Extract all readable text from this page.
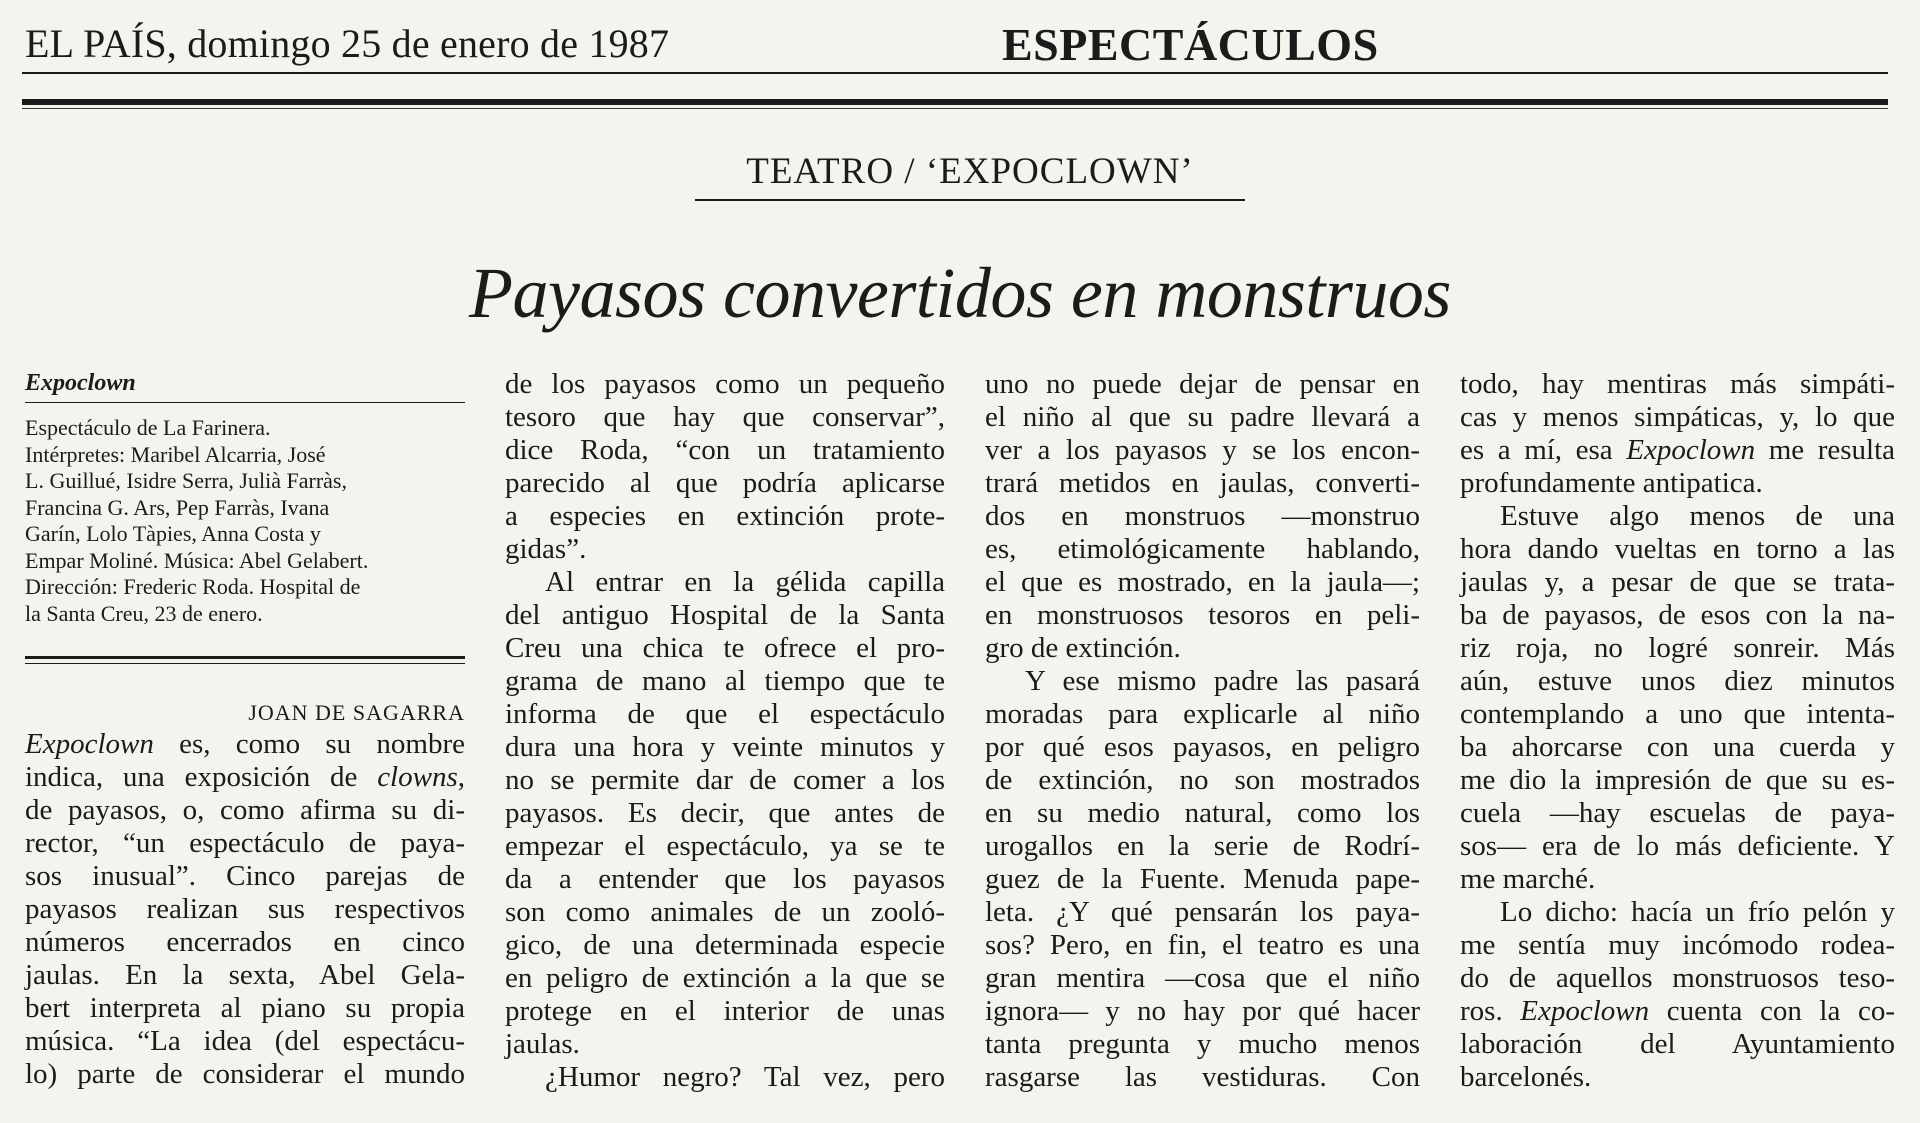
EL PAÍS, domingo 25 de enero de 1987	ESPECTÁCULOS
TEATRO / ‘EXPOCLOWN’
Payasos convertidos en monstruos
Expoclown
Espectáculo de La Farinera.
Intérpretes: Maribel Alcarria, José
L. Guillué, Isidre Serra, Julià Farràs,
Francina G. Ars, Pep Farràs, Ivana
Garín, Lolo Tàpies, Anna Costa y
Empar Moliné. Música: Abel Gelabert.
Dirección: Frederic Roda. Hospital de
la Santa Creu, 23 de enero.
JOAN DE SAGARRA
Expoclown es, como su nombre
indica, una exposición de clowns,
de payasos, o, como afirma su di-
rector, “un espectáculo de paya-
sos inusual”. Cinco parejas de
payasos realizan sus respectivos
números encerrados en cinco
jaulas. En la sexta, Abel Gela-
bert interpreta al piano su propia
música. “La idea (del espectácu-
lo) parte de considerar el mundo
de los payasos como un pequeño
tesoro que hay que conservar”,
dice Roda, “con un tratamiento
parecido al que podría aplicarse
a especies en extinción prote-
gidas”.
Al entrar en la gélida capilla
del antiguo Hospital de la Santa
Creu una chica te ofrece el pro-
grama de mano al tiempo que te
informa de que el espectáculo
dura una hora y veinte minutos y
no se permite dar de comer a los
payasos. Es decir, que antes de
empezar el espectáculo, ya se te
da a entender que los payasos
son como animales de un zooló-
gico, de una determinada especie
en peligro de extinción a la que se
protege en el interior de unas
jaulas.
¿Humor negro? Tal vez, pero
uno no puede dejar de pensar en
el niño al que su padre llevará a
ver a los payasos y se los encon-
trará metidos en jaulas, converti-
dos en monstruos —monstruo
es, etimológicamente hablando,
el que es mostrado, en la jaula—;
en monstruosos tesoros en peli-
gro de extinción.
Y ese mismo padre las pasará
moradas para explicarle al niño
por qué esos payasos, en peligro
de extinción, no son mostrados
en su medio natural, como los
urogallos en la serie de Rodrí-
guez de la Fuente. Menuda pape-
leta. ¿Y qué pensarán los paya-
sos? Pero, en fin, el teatro es una
gran mentira —cosa que el niño
ignora— y no hay por qué hacer
tanta pregunta y mucho menos
rasgarse las vestiduras. Con
todo, hay mentiras más simpáti-
cas y menos simpáticas, y, lo que
es a mí, esa Expoclown me resulta
profundamente antipatica.
Estuve algo menos de una
hora dando vueltas en torno a las
jaulas y, a pesar de que se trata-
ba de payasos, de esos con la na-
riz roja, no logré sonreir. Más
aún, estuve unos diez minutos
contemplando a uno que intenta-
ba ahorcarse con una cuerda y
me dio la impresión de que su es-
cuela —hay escuelas de paya-
sos— era de lo más deficiente. Y
me marché.
Lo dicho: hacía un frío pelón y
me sentía muy incómodo rodea-
do de aquellos monstruosos teso-
ros. Expoclown cuenta con la co-
laboración del Ayuntamiento
barcelonés.
